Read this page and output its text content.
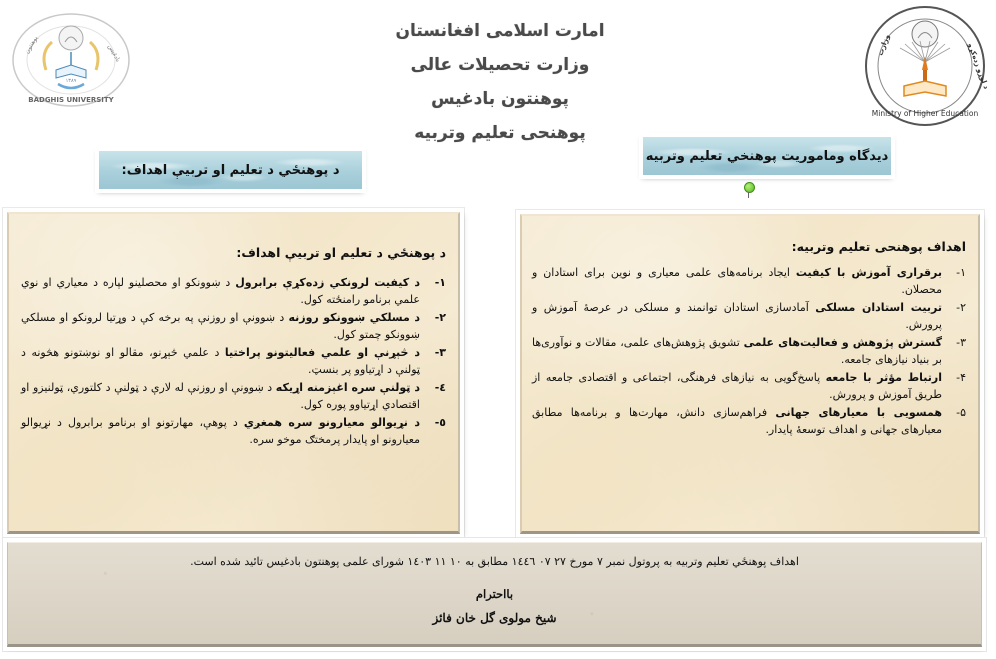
۱۳۸۹
BADGHIS UNIVERSITY
پوهنتون	بادغیس
Ministry of Higher Education
وزارت	د لوړو زده‌کړو
امارت اسلامی افغانستان
وزارت تحصیلات عالی
پوهنتون بادغیس
پوهنحی تعلیم وتربیه
د پوهنځي د تعلیم او تربیې اهداف:
دیدگاه وماموریت پوهنخي تعلیم وتربیه
د پوهنځي د تعلیم او تربیې اهداف:
۱-
د کیفیت لرونکي زده‌کړې برابرول د ښوونکو او محصلینو لپاره د معیاري او نوي علمي برنامو رامنځته کول.
۲-
د مسلکي ښوونکو روزنه د ښوونې او روزنې په برخه کې د وړتیا لرونکو او مسلکي ښوونکو چمتو کول.
۳-
د څېړنې او علمي فعالیتونو پراختیا د علمي څېړنو، مقالو او نوښتونو هڅونه د ټولنې د اړتیاوو پر بنسټ.
٤-
د ټولنې سره اغېزمنه اړیکه د ښوونې او روزنې له لارې د ټولنې د کلتوري، ټولنیزو او اقتصادي اړتیاوو پوره کول.
٥-
د نړیوالو معیارونو سره همغږي د پوهې، مهارتونو او برنامو برابرول د نړیوالو معیارونو او پایدار پرمختګ موخو سره.
اهداف پوهنحی تعلیم وتربیه:
۱-
برقراری آموزش با کیفیت ایجاد برنامه‌های علمی معیاری و نوین برای استادان و محصلان.
۲-
تربیت استادان مسلکی آمادسازی استادان توانمند و مسلکی در عرصهٔ آموزش و پرورش.
۳-
گسترش پژوهش و فعالیت‌های علمی تشویق پژوهش‌های علمی، مقالات و نوآوری‌ها بر بنیاد نیازهای جامعه.
۴-
ارتباط مؤثر با جامعه پاسخ‌گویی به نیازهای فرهنگی، اجتماعی و اقتصادی جامعه از طریق آموزش و پرورش.
۵-
همسویی با معیارهای جهانی فراهم‌سازی دانش، مهارت‌ها و برنامه‌ها مطابق معیارهای جهانی و اهداف توسعهٔ پایدار.
اهداف پوهنځي تعلیم وتربیه به پروتول نمبر ۷ مورخ ۲۷ ۰۷ ۱٤٤٦ مطابق به ۱۰ ۱۱ ۱٤۰۳ شورای علمی پوهنتون بادغیس تائید شده است.
بااحترام
شیخ مولوی گل خان فائز
